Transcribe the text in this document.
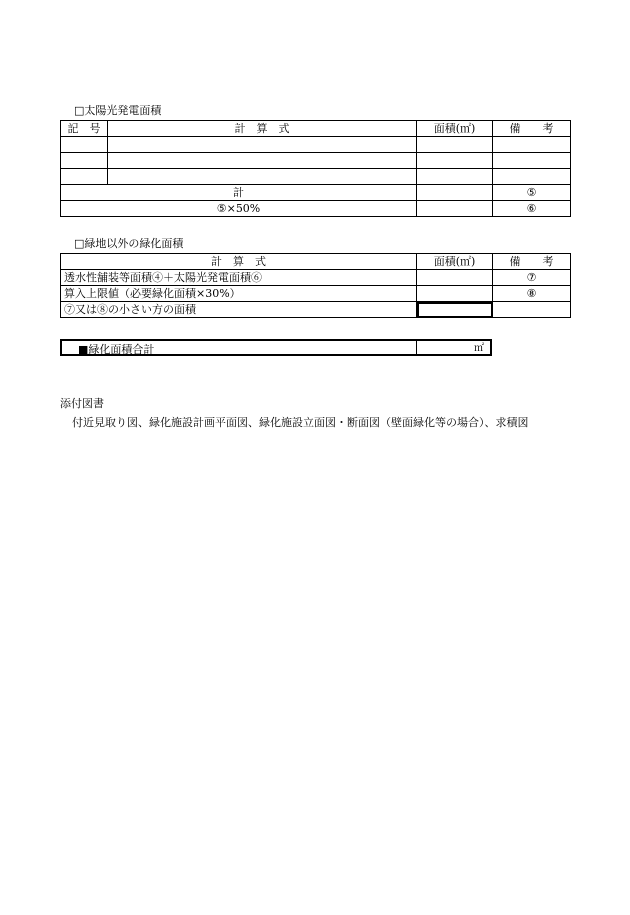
□太陽光発電面積
記　号	計　算　式	面積(㎡)	備　　考

計			⑤
⑤×50%			⑥
□緑地以外の緑化面積
計　算　式	面積(㎡)	備　　考
透水性舗装等面積④＋太陽光発電面積⑥		⑦
算入上限値（必要緑化面積×30%）		⑧
⑦又は⑧の小さい方の面積		
■緑化面積合計	㎡
添付図書
付近見取り図、緑化施設計画平面図、緑化施設立面図・断面図（壁面緑化等の場合）、求積図
